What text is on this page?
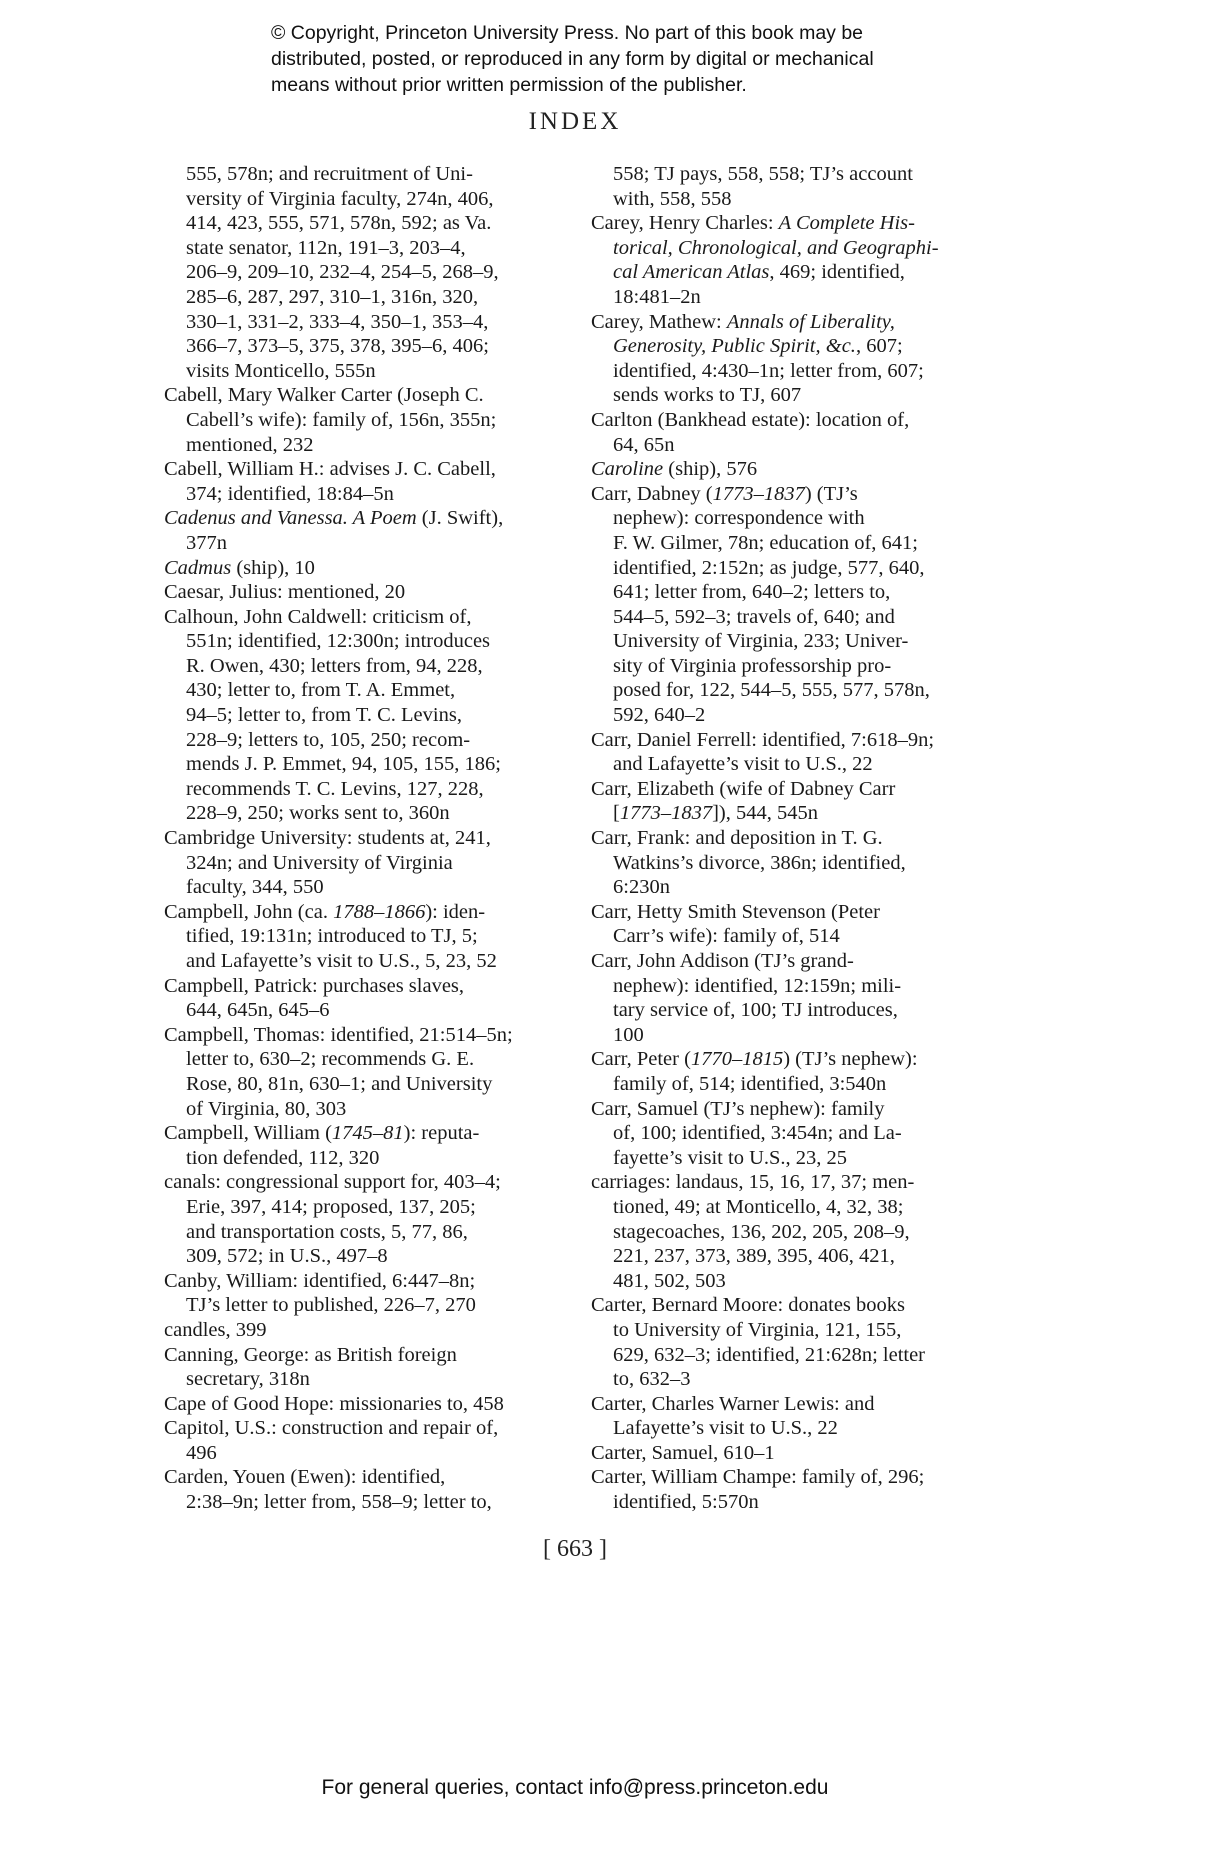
© Copyright, Princeton University Press. No part of this book may be
distributed, posted, or reproduced in any form by digital or mechanical
means without prior written permission of the publisher.
INDEX
555, 578n; and recruitment of Uni-
versity of Virginia faculty, 274n, 406,
414, 423, 555, 571, 578n, 592; as Va.
state senator, 112n, 191–3, 203–4,
206–9, 209–10, 232–4, 254–5, 268–9,
285–6, 287, 297, 310–1, 316n, 320,
330–1, 331–2, 333–4, 350–1, 353–4,
366–7, 373–5, 375, 378, 395–6, 406;
visits Monticello, 555n
Cabell, Mary Walker Carter (Joseph C.
Cabell’s wife): family of, 156n, 355n;
mentioned, 232
Cabell, William H.: advises J. C. Cabell,
374; identified, 18:84–5n
Cadenus and Vanessa. A Poem (J. Swift),
377n
Cadmus (ship), 10
Caesar, Julius: mentioned, 20
Calhoun, John Caldwell: criticism of,
551n; identified, 12:300n; introduces
R. Owen, 430; letters from, 94, 228,
430; letter to, from T. A. Emmet,
94–5; letter to, from T. C. Levins,
228–9; letters to, 105, 250; recom-
mends J. P. Emmet, 94, 105, 155, 186;
recommends T. C. Levins, 127, 228,
228–9, 250; works sent to, 360n
Cambridge University: students at, 241,
324n; and University of Virginia
faculty, 344, 550
Campbell, John (ca. 1788–1866): iden-
tified, 19:131n; introduced to TJ, 5;
and Lafayette’s visit to U.S., 5, 23, 52
Campbell, Patrick: purchases slaves,
644, 645n, 645–6
Campbell, Thomas: identified, 21:514–5n;
letter to, 630–2; recommends G. E.
Rose, 80, 81n, 630–1; and University
of Virginia, 80, 303
Campbell, William (1745–81): reputa-
tion defended, 112, 320
canals: congressional support for, 403–4;
Erie, 397, 414; proposed, 137, 205;
and transportation costs, 5, 77, 86,
309, 572; in U.S., 497–8
Canby, William: identified, 6:447–8n;
TJ’s letter to published, 226–7, 270
candles, 399
Canning, George: as British foreign
secretary, 318n
Cape of Good Hope: missionaries to, 458
Capitol, U.S.: construction and repair of,
496
Carden, Youen (Ewen): identified,
2:38–9n; letter from, 558–9; letter to,
558; TJ pays, 558, 558; TJ’s account
with, 558, 558
Carey, Henry Charles: A Complete His-
torical, Chronological, and Geographi-
cal American Atlas, 469; identified,
18:481–2n
Carey, Mathew: Annals of Liberality,
Generosity, Public Spirit, &c., 607;
identified, 4:430–1n; letter from, 607;
sends works to TJ, 607
Carlton (Bankhead estate): location of,
64, 65n
Caroline (ship), 576
Carr, Dabney (1773–1837) (TJ’s
nephew): correspondence with
F. W. Gilmer, 78n; education of, 641;
identified, 2:152n; as judge, 577, 640,
641; letter from, 640–2; letters to,
544–5, 592–3; travels of, 640; and
University of Virginia, 233; Univer-
sity of Virginia professorship pro-
posed for, 122, 544–5, 555, 577, 578n,
592, 640–2
Carr, Daniel Ferrell: identified, 7:618–9n;
and Lafayette’s visit to U.S., 22
Carr, Elizabeth (wife of Dabney Carr
[1773–1837]), 544, 545n
Carr, Frank: and deposition in T. G.
Watkins’s divorce, 386n; identified,
6:230n
Carr, Hetty Smith Stevenson (Peter
Carr’s wife): family of, 514
Carr, John Addison (TJ’s grand-
nephew): identified, 12:159n; mili-
tary service of, 100; TJ introduces,
100
Carr, Peter (1770–1815) (TJ’s nephew):
family of, 514; identified, 3:540n
Carr, Samuel (TJ’s nephew): family
of, 100; identified, 3:454n; and La-
fayette’s visit to U.S., 23, 25
carriages: landaus, 15, 16, 17, 37; men-
tioned, 49; at Monticello, 4, 32, 38;
stagecoaches, 136, 202, 205, 208–9,
221, 237, 373, 389, 395, 406, 421,
481, 502, 503
Carter, Bernard Moore: donates books
to University of Virginia, 121, 155,
629, 632–3; identified, 21:628n; letter
to, 632–3
Carter, Charles Warner Lewis: and
Lafayette’s visit to U.S., 22
Carter, Samuel, 610–1
Carter, William Champe: family of, 296;
identified, 5:570n
[ 663 ]
For general queries, contact info@press.princeton.edu
